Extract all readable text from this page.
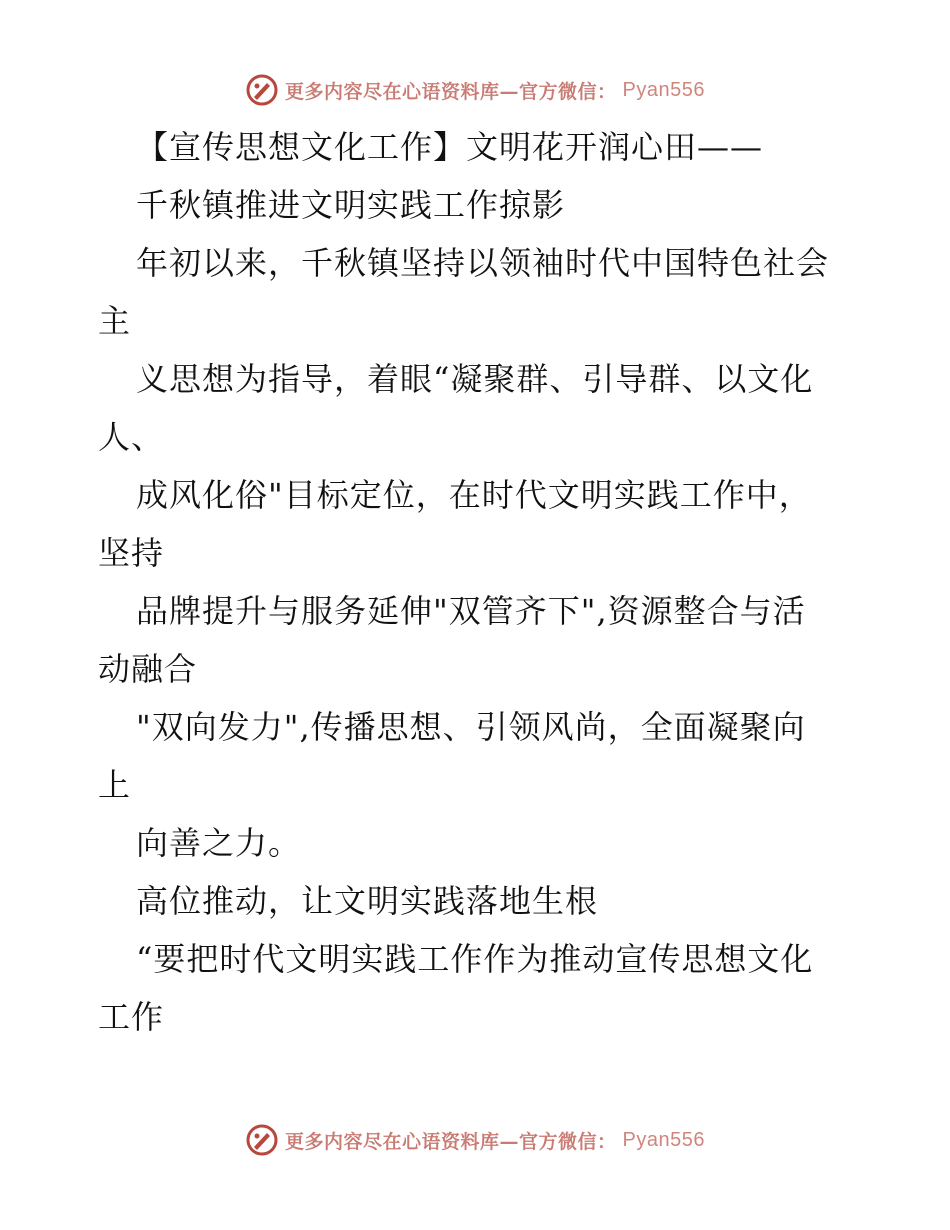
更多内容尽在心语资料库—官方微信： Pyan556
【宣传思想文化工作】文明花开润心田——
千秋镇推进文明实践工作掠影
年初以来，千秋镇坚持以领袖时代中国特色社会
主
义思想为指导，着眼“凝聚群、引导群、以文化
人、
成风化俗"目标定位，在时代文明实践工作中，
坚持
品牌提升与服务延伸"双管齐下",资源整合与活
动融合
"双向发力",传播思想、引领风尚，全面凝聚向
上
向善之力。
高位推动，让文明实践落地生根
“要把时代文明实践工作作为推动宣传思想文化
工作
更多内容尽在心语资料库—官方微信： Pyan556
